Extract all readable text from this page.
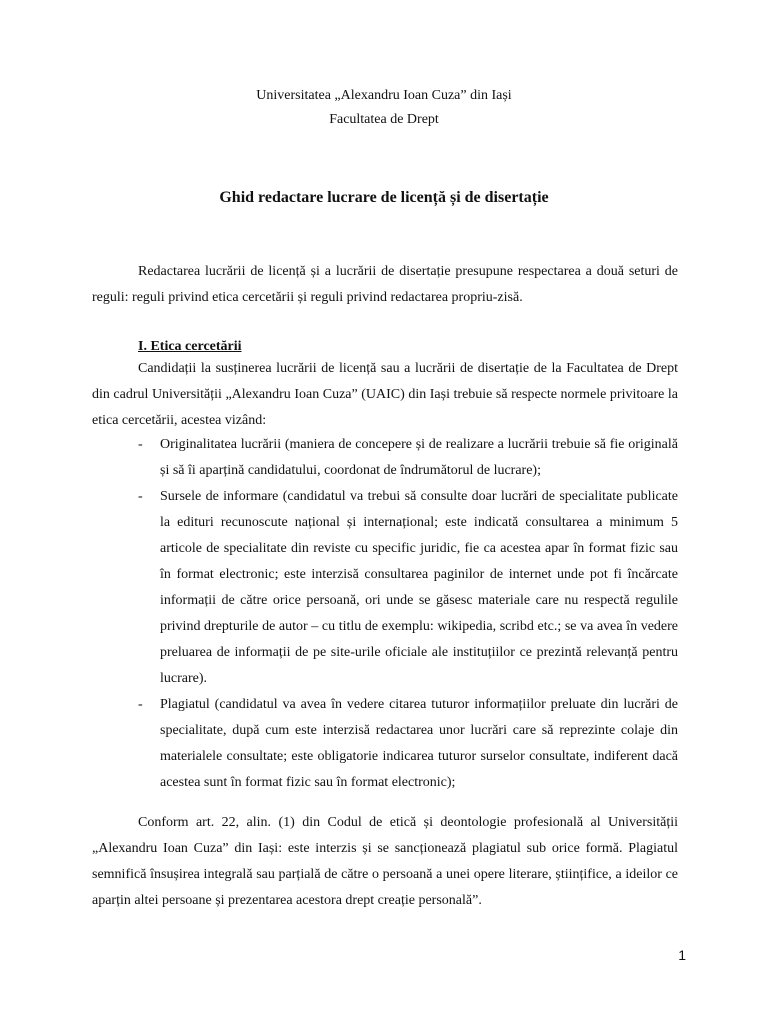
Universitatea „Alexandru Ioan Cuza” din Iași
Facultatea de Drept
Ghid redactare lucrare de licență și de disertație

Redactarea lucrării de licență și a lucrării de disertație presupune respectarea a două seturi de reguli: reguli privind etica cercetării și reguli privind redactarea propriu-zisă.

I. Etica cercetării

Candidații la susținerea lucrării de licență sau a lucrării de disertație de la Facultatea de Drept din cadrul Universității „Alexandru Ioan Cuza” (UAIC) din Iași trebuie să respecte normele privitoare la etica cercetării, acestea vizând:

- Originalitatea lucrării (maniera de concepere și de realizare a lucrării trebuie să fie originală și să îi aparțină candidatului, coordonat de îndrumătorul de lucrare);
- Sursele de informare (candidatul va trebui să consulte doar lucrări de specialitate publicate la edituri recunoscute național și internațional; este indicată consultarea a minimum 5 articole de specialitate din reviste cu specific juridic, fie ca acestea apar în format fizic sau în format electronic; este interzisă consultarea paginilor de internet unde pot fi încărcate informații de către orice persoană, ori unde se găsesc materiale care nu respectă regulile privind drepturile de autor – cu titlu de exemplu: wikipedia, scribd etc.; se va avea în vedere preluarea de informații de pe site-urile oficiale ale instituțiilor ce prezintă relevanță pentru lucrare).
- Plagiatul (candidatul va avea în vedere citarea tuturor informațiilor preluate din lucrări de specialitate, după cum este interzisă redactarea unor lucrări care să reprezinte colaje din materialele consultate; este obligatorie indicarea tuturor surselor consultate, indiferent dacă acestea sunt în format fizic sau în format electronic);

Conform art. 22, alin. (1) din Codul de etică și deontologie profesională al Universității „Alexandru Ioan Cuza” din Iași: este interzis și se sancționează plagiatul sub orice formă. Plagiatul semnifică însușirea integrală sau parțială de către o persoană a unei opere literare, științifice, a ideilor ce aparțin altei persoane și prezentarea acestora drept creație personală”.

1
